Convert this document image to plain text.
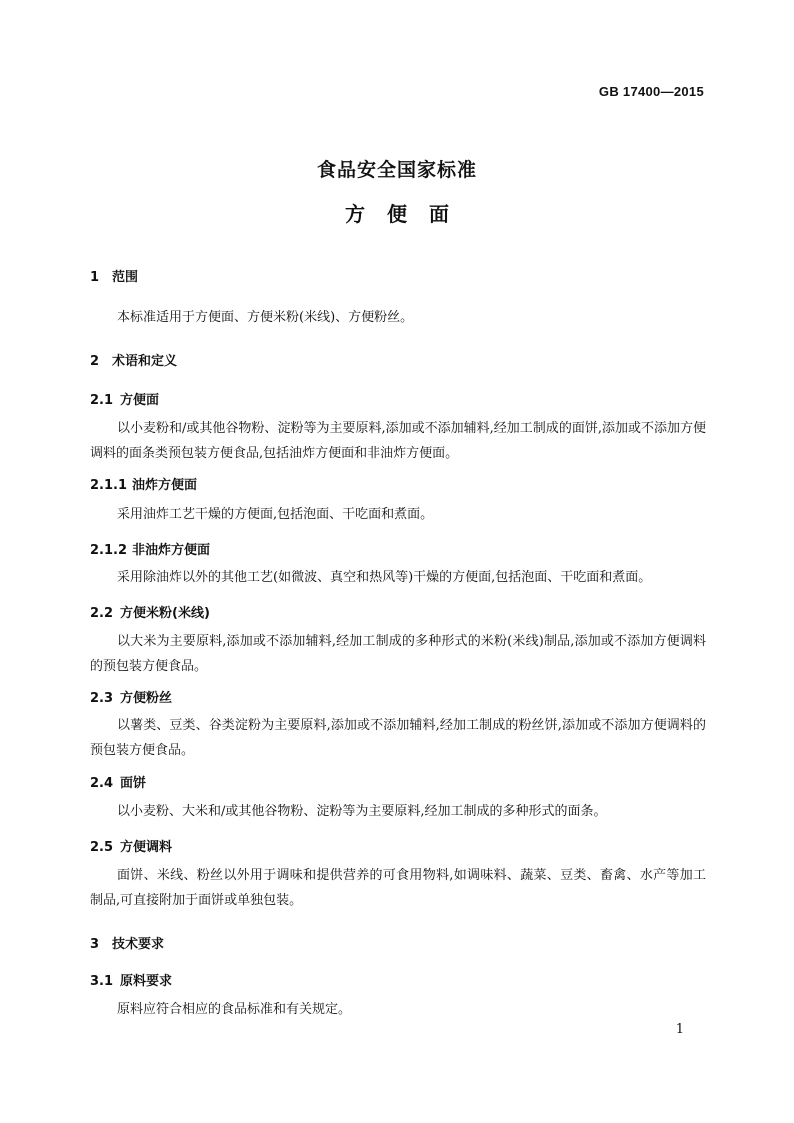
GB 17400—2015
食品安全国家标准
方便面
1 范围
本标准适用于方便面、方便米粉(米线)、方便粉丝。
2 术语和定义
2.1 方便面
以小麦粉和/或其他谷物粉、淀粉等为主要原料,添加或不添加辅料,经加工制成的面饼,添加或不添加方便调料的面条类预包装方便食品,包括油炸方便面和非油炸方便面。
2.1.1 油炸方便面
采用油炸工艺干燥的方便面,包括泡面、干吃面和煮面。
2.1.2 非油炸方便面
采用除油炸以外的其他工艺(如微波、真空和热风等)干燥的方便面,包括泡面、干吃面和煮面。
2.2 方便米粉(米线)
以大米为主要原料,添加或不添加辅料,经加工制成的多种形式的米粉(米线)制品,添加或不添加方便调料的预包装方便食品。
2.3 方便粉丝
以薯类、豆类、谷类淀粉为主要原料,添加或不添加辅料,经加工制成的粉丝饼,添加或不添加方便调料的预包装方便食品。
2.4 面饼
以小麦粉、大米和/或其他谷物粉、淀粉等为主要原料,经加工制成的多种形式的面条。
2.5 方便调料
面饼、米线、粉丝以外用于调味和提供营养的可食用物料,如调味料、蔬菜、豆类、畜禽、水产等加工制品,可直接附加于面饼或单独包装。
3 技术要求
3.1 原料要求
原料应符合相应的食品标准和有关规定。
1
